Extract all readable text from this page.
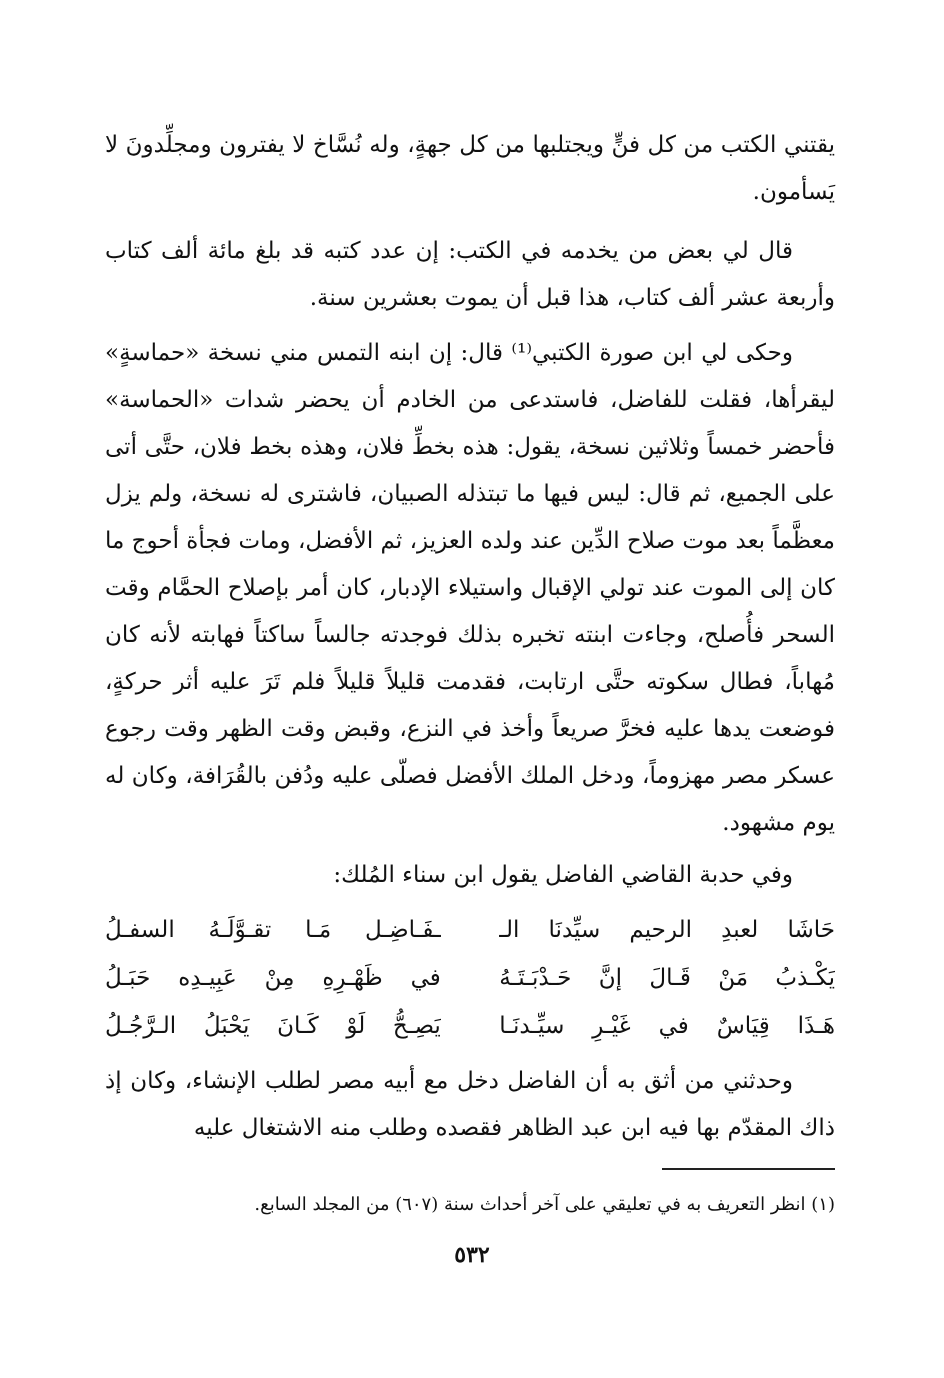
يقتني الكتب من كل فنٍّ ويجتلبها من كل جهةٍ، وله نُسَّاخ لا يفترون ومجلِّدونَ لا يَسأمون.

قال لي بعض من يخدمه في الكتب: إن عدد كتبه قد بلغ مائة ألف كتاب وأربعة عشر ألف كتاب، هذا قبل أن يموت بعشرين سنة.

وحكى لي ابن صورة الكتبي⁽¹⁾ قال: إن ابنه التمس مني نسخة «حماسةٍ» ليقرأها، فقلت للفاضل، فاستدعى من الخادم أن يحضر شدات «الحماسة» فأحضر خمساً وثلاثين نسخة، يقول: هذه بخطِّ فلان، وهذه بخط فلان، حتَّى أتى على الجميع، ثم قال: ليس فيها ما تبتذله الصبيان، فاشترى له نسخة، ولم يزل معظَّماً بعد موت صلاح الدِّين عند ولده العزيز، ثم الأفضل، ومات فجأة أحوج ما كان إلى الموت عند تولي الإقبال واستيلاء الإدبار، كان أمر بإصلاح الحمَّام وقت السحر فأُصلح، وجاءت ابنته تخبره بذلك فوجدته جالساً ساكتاً فهابته لأنه كان مُهاباً، فطال سكوته حتَّى ارتابت، فقدمت قليلاً قليلاً فلم تَرَ عليه أثر حركةٍ، فوضعت يدها عليه فخرَّ صريعاً وأخذ في النزع، وقبض وقت الظهر وقت رجوع عسكر مصر مهزوماً، ودخل الملك الأفضل فصلّى عليه ودُفن بالقُرَافة، وكان له يوم مشهود.

وفي حدبة القاضي الفاضل يقول ابن سناء المُلك:

حَاشَا لعبدِ الرحيم سيِّدنَا الـ
ـفَـاضِـل مَـا تقـوَّلَـهُ السفـلُ
يَكْـذبُ مَنْ قَـالَ إنَّ حَـدْبَـتَـهُ
في ظَهْـرِهِ مِنْ عَبِيـدِه حَبَـلُ
هَـذَا قِيَاسٌ في غَيْـرِ سيِّـدنَـا
يَصِـحُّ لَوْ كَـانَ يَحْبَلُ الـرَّجُـلُ

وحدثني من أثق به أن الفاضل دخل مع أبيه مصر لطلب الإنشاء، وكان إذ ذاك المقدّم بها فيه ابن عبد الظاهر فقصده وطلب منه الاشتغال عليه

(١) انظر التعريف به في تعليقي على آخر أحداث سنة (٦٠٧) من المجلد السابع.
٥٣٢
